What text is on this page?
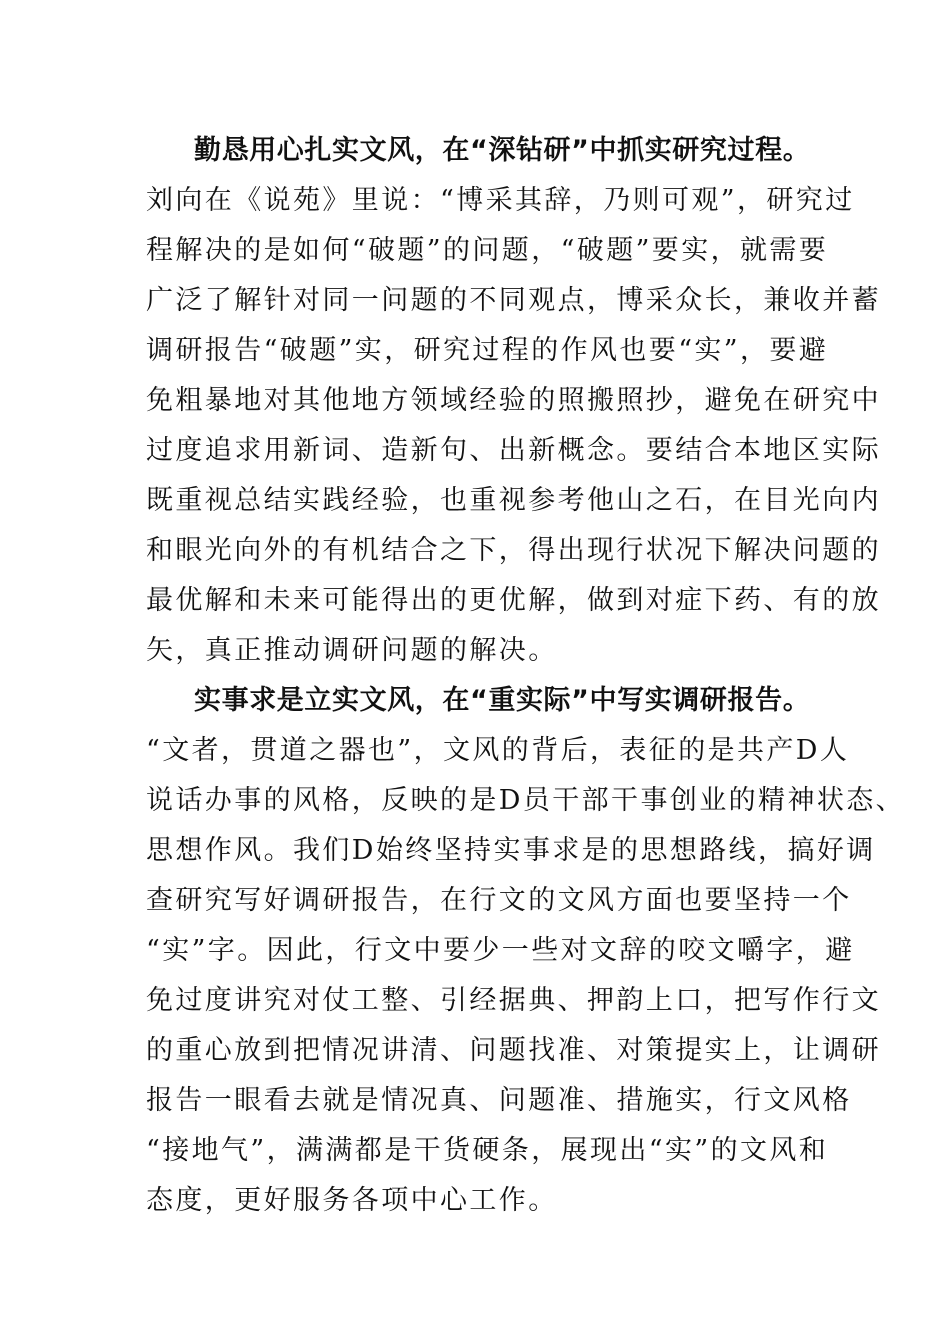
勤恳用心扎实文风，在“深钻研”中抓实研究过程。
刘向在《说苑》里说：“博采其辞，乃则可观”，研究过
程解决的是如何“破题”的问题，“破题”要实，就需要
广泛了解针对同一问题的不同观点，博采众长，兼收并蓄
调研报告“破题”实，研究过程的作风也要“实”，要避
免粗暴地对其他地方领域经验的照搬照抄，避免在研究中
过度追求用新词、造新句、出新概念。要结合本地区实际
既重视总结实践经验，也重视参考他山之石，在目光向内
和眼光向外的有机结合之下，得出现行状况下解决问题的
最优解和未来可能得出的更优解，做到对症下药、有的放
矢，真正推动调研问题的解决。
实事求是立实文风，在“重实际”中写实调研报告。
“文者，贯道之器也”，文风的背后，表征的是共产D人
说话办事的风格，反映的是D员干部干事创业的精神状态、
思想作风。我们D始终坚持实事求是的思想路线，搞好调
查研究写好调研报告，在行文的文风方面也要坚持一个
“实”字。因此，行文中要少一些对文辞的咬文嚼字，避
免过度讲究对仗工整、引经据典、押韵上口，把写作行文
的重心放到把情况讲清、问题找准、对策提实上，让调研
报告一眼看去就是情况真、问题准、措施实，行文风格
“接地气”，满满都是干货硬条，展现出“实”的文风和
态度，更好服务各项中心工作。
